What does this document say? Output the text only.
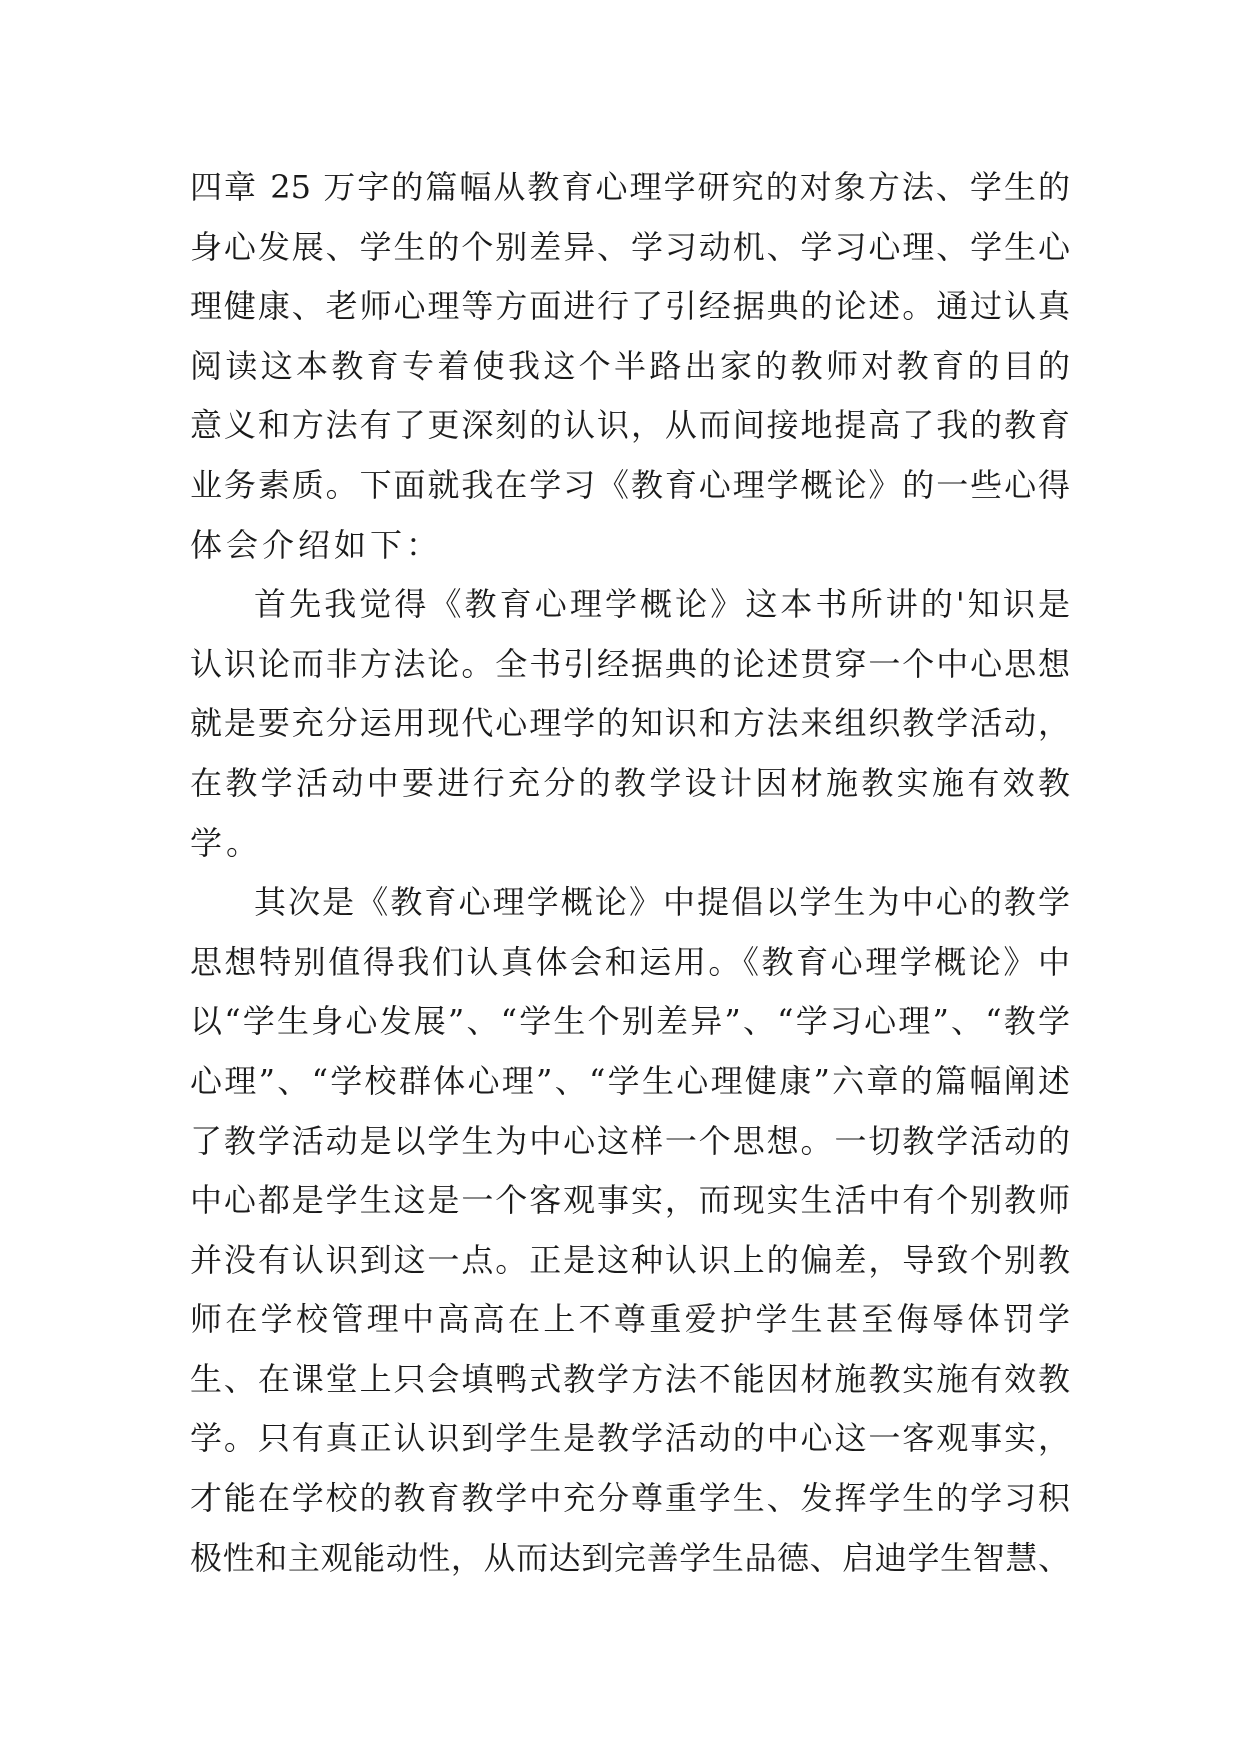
四章 25 万字的篇幅从教育心理学研究的对象方法、学生的
身心发展、学生的个别差异、学习动机、学习心理、学生心
理健康、老师心理等方面进行了引经据典的论述。通过认真
阅读这本教育专着使我这个半路出家的教师对教育的目的
意义和方法有了更深刻的认识，从而间接地提高了我的教育
业务素质。下面就我在学习《教育心理学概论》的一些心得
体会介绍如下：
首先我觉得《教育心理学概论》这本书所讲的'知识是
认识论而非方法论。全书引经据典的论述贯穿一个中心思想
就是要充分运用现代心理学的知识和方法来组织教学活动，
在教学活动中要进行充分的教学设计因材施教实施有效教
学。
其次是《教育心理学概论》中提倡以学生为中心的教学
思想特别值得我们认真体会和运用。《教育心理学概论》中
以“学生身心发展”、“学生个别差异”、“学习心理”、“教学
心理”、“学校群体心理”、“学生心理健康”六章的篇幅阐述
了教学活动是以学生为中心这样一个思想。一切教学活动的
中心都是学生这是一个客观事实，而现实生活中有个别教师
并没有认识到这一点。正是这种认识上的偏差，导致个别教
师在学校管理中高高在上不尊重爱护学生甚至侮辱体罚学
生、在课堂上只会填鸭式教学方法不能因材施教实施有效教
学。只有真正认识到学生是教学活动的中心这一客观事实，
才能在学校的教育教学中充分尊重学生、发挥学生的学习积
极性和主观能动性，从而达到完善学生品德、启迪学生智慧、
